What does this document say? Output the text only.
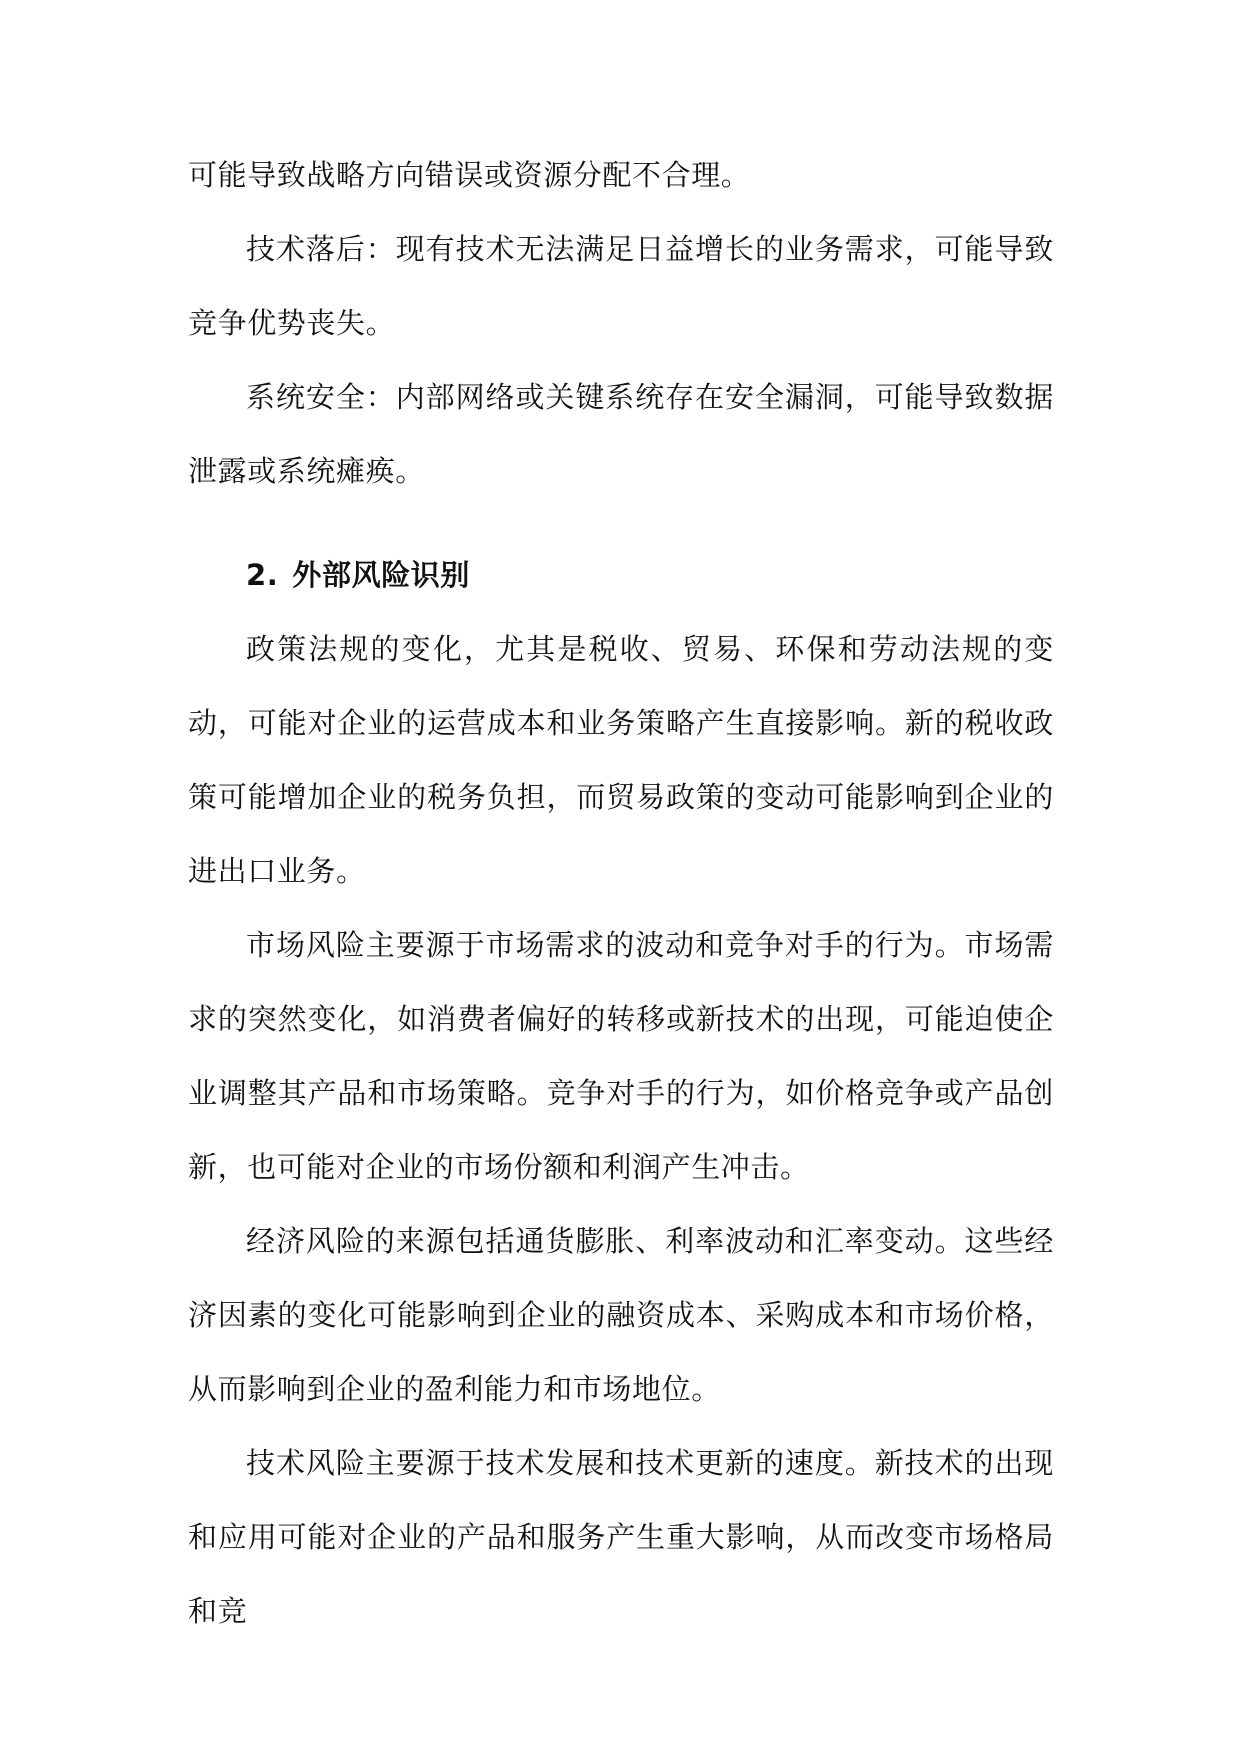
可能导致战略方向错误或资源分配不合理。

技术落后：现有技术无法满足日益增长的业务需求，可能导致竞争优势丧失。

系统安全：内部网络或关键系统存在安全漏洞，可能导致数据泄露或系统瘫痪。

2. 外部风险识别

政策法规的变化，尤其是税收、贸易、环保和劳动法规的变动，可能对企业的运营成本和业务策略产生直接影响。新的税收政策可能增加企业的税务负担，而贸易政策的变动可能影响到企业的进出口业务。

市场风险主要源于市场需求的波动和竞争对手的行为。市场需求的突然变化，如消费者偏好的转移或新技术的出现，可能迫使企业调整其产品和市场策略。竞争对手的行为，如价格竞争或产品创新，也可能对企业的市场份额和利润产生冲击。

经济风险的来源包括通货膨胀、利率波动和汇率变动。这些经济因素的变化可能影响到企业的融资成本、采购成本和市场价格，从而影响到企业的盈利能力和市场地位。

技术风险主要源于技术发展和技术更新的速度。新技术的出现和应用可能对企业的产品和服务产生重大影响，从而改变市场格局和竞
